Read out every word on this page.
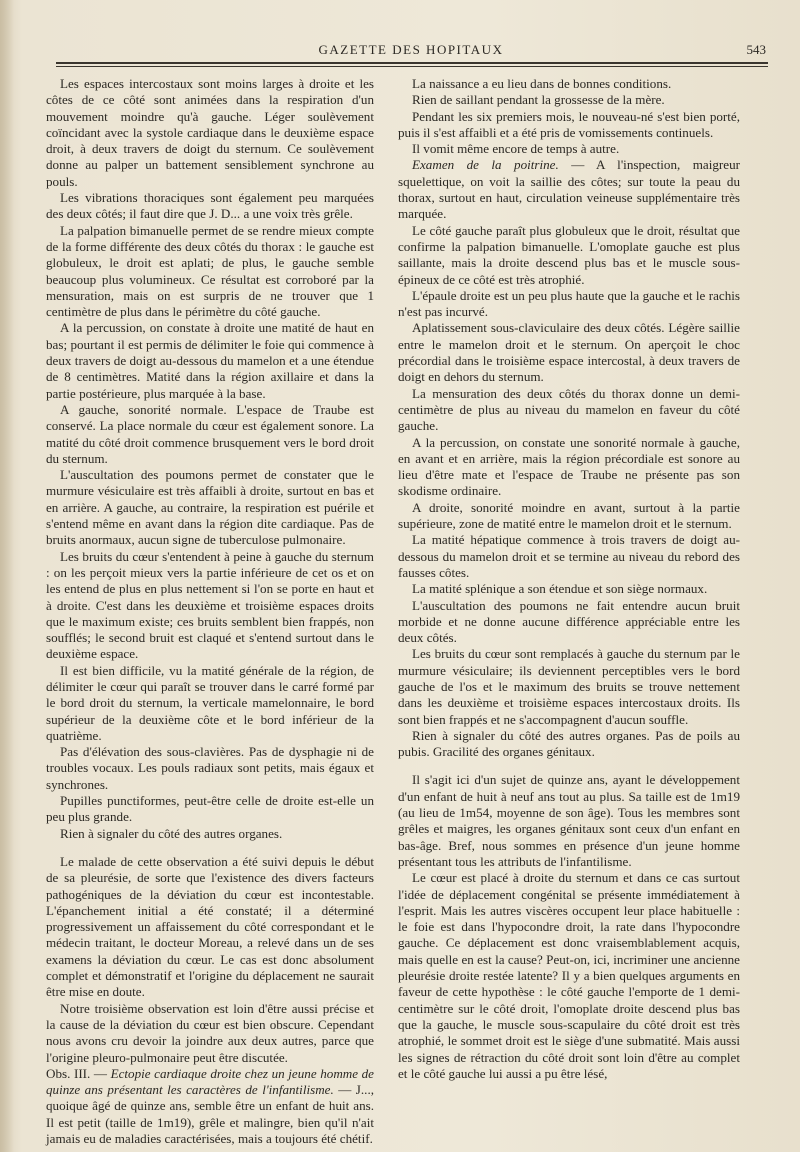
GAZETTE DES HOPITAUX	543

Les espaces intercostaux sont moins larges à droite et les côtes de ce côté sont animées dans la respiration d'un mouvement moindre qu'à gauche. Léger soulèvement coïncidant avec la systole cardiaque dans le deuxième espace droit, à deux travers de doigt du sternum. Ce soulèvement donne au palper un battement sensiblement synchrone au pouls.

Les vibrations thoraciques sont également peu marquées des deux côtés; il faut dire que J. D... a une voix très grêle.

La palpation bimanuelle permet de se rendre mieux compte de la forme différente des deux côtés du thorax : le gauche est globuleux, le droit est aplati; de plus, le gauche semble beaucoup plus volumineux. Ce résultat est corroboré par la mensuration, mais on est surpris de ne trouver que 1 centimètre de plus dans le périmètre du côté gauche.

A la percussion, on constate à droite une matité de haut en bas; pourtant il est permis de délimiter le foie qui commence à deux travers de doigt au-dessous du mamelon et a une étendue de 8 centimètres. Matité dans la région axillaire et dans la partie postérieure, plus marquée à la base.

A gauche, sonorité normale. L'espace de Traube est conservé. La place normale du cœur est également sonore. La matité du côté droit commence brusquement vers le bord droit du sternum.

L'auscultation des poumons permet de constater que le murmure vésiculaire est très affaibli à droite, surtout en bas et en arrière. A gauche, au contraire, la respiration est puérile et s'entend même en avant dans la région dite cardiaque. Pas de bruits anormaux, aucun signe de tuberculose pulmonaire.

Les bruits du cœur s'entendent à peine à gauche du sternum : on les perçoit mieux vers la partie inférieure de cet os et on les entend de plus en plus nettement si l'on se porte en haut et à droite. C'est dans les deuxième et troisième espaces droits que le maximum existe; ces bruits semblent bien frappés, non soufflés; le second bruit est claqué et s'entend surtout dans le deuxième espace.

Il est bien difficile, vu la matité générale de la région, de délimiter le cœur qui paraît se trouver dans le carré formé par le bord droit du sternum, la verticale mamelonnaire, le bord supérieur de la deuxième côte et le bord inférieur de la quatrième.

Pas d'élévation des sous-clavières. Pas de dysphagie ni de troubles vocaux. Les pouls radiaux sont petits, mais égaux et synchrones.

Pupilles punctiformes, peut-être celle de droite est-elle un peu plus grande.

Rien à signaler du côté des autres organes.

Le malade de cette observation a été suivi depuis le début de sa pleurésie, de sorte que l'existence des divers facteurs pathogéniques de la déviation du cœur est incontestable. L'épanchement initial a été constaté; il a déterminé progressivement un affaissement du côté correspondant et le médecin traitant, le docteur Moreau, a relevé dans un de ses examens la déviation du cœur. Le cas est donc absolument complet et démonstratif et l'origine du déplacement ne saurait être mise en doute.

Notre troisième observation est loin d'être aussi précise et la cause de la déviation du cœur est bien obscure. Cependant nous avons cru devoir la joindre aux deux autres, parce que l'origine pleuro-pulmonaire peut être discutée.

Obs. III. — Ectopie cardiaque droite chez un jeune homme de quinze ans présentant les caractères de l'infantilisme. — J..., quoique âgé de quinze ans, semble être un enfant de huit ans. Il est petit (taille de 1m19), grêle et malingre, bien qu'il n'ait jamais eu de maladies caractérisées, mais a toujours été chétif.

La naissance a eu lieu dans de bonnes conditions.

Rien de saillant pendant la grossesse de la mère.

Pendant les six premiers mois, le nouveau-né s'est bien porté, puis il s'est affaibli et a été pris de vomissements continuels.

Il vomit même encore de temps à autre.

Examen de la poitrine. — A l'inspection, maigreur squelettique, on voit la saillie des côtes; sur toute la peau du thorax, surtout en haut, circulation veineuse supplémentaire très marquée.

Le côté gauche paraît plus globuleux que le droit, résultat que confirme la palpation bimanuelle. L'omoplate gauche est plus saillante, mais la droite descend plus bas et le muscle sous-épineux de ce côté est très atrophié.

L'épaule droite est un peu plus haute que la gauche et le rachis n'est pas incurvé.

Aplatissement sous-claviculaire des deux côtés. Légère saillie entre le mamelon droit et le sternum. On aperçoit le choc précordial dans le troisième espace intercostal, à deux travers de doigt en dehors du sternum.

La mensuration des deux côtés du thorax donne un demi-centimètre de plus au niveau du mamelon en faveur du côté gauche.

A la percussion, on constate une sonorité normale à gauche, en avant et en arrière, mais la région précordiale est sonore au lieu d'être mate et l'espace de Traube ne présente pas son skodisme ordinaire.

A droite, sonorité moindre en avant, surtout à la partie supérieure, zone de matité entre le mamelon droit et le sternum.

La matité hépatique commence à trois travers de doigt au-dessous du mamelon droit et se termine au niveau du rebord des fausses côtes.

La matité splénique a son étendue et son siège normaux.

L'auscultation des poumons ne fait entendre aucun bruit morbide et ne donne aucune différence appréciable entre les deux côtés.

Les bruits du cœur sont remplacés à gauche du sternum par le murmure vésiculaire; ils deviennent perceptibles vers le bord gauche de l'os et le maximum des bruits se trouve nettement dans les deuxième et troisième espaces intercostaux droits. Ils sont bien frappés et ne s'accompagnent d'aucun souffle.

Rien à signaler du côté des autres organes. Pas de poils au pubis. Gracilité des organes génitaux.

Il s'agit ici d'un sujet de quinze ans, ayant le développement d'un enfant de huit à neuf ans tout au plus. Sa taille est de 1m19 (au lieu de 1m54, moyenne de son âge). Tous les membres sont grêles et maigres, les organes génitaux sont ceux d'un enfant en bas-âge. Bref, nous sommes en présence d'un jeune homme présentant tous les attributs de l'infantilisme.

Le cœur est placé à droite du sternum et dans ce cas surtout l'idée de déplacement congénital se présente immédiatement à l'esprit. Mais les autres viscères occupent leur place habituelle : le foie est dans l'hypocondre droit, la rate dans l'hypocondre gauche. Ce déplacement est donc vraisemblablement acquis, mais quelle en est la cause? Peut-on, ici, incriminer une ancienne pleurésie droite restée latente? Il y a bien quelques arguments en faveur de cette hypothèse : le côté gauche l'emporte de 1 demi-centimètre sur le côté droit, l'omoplate droite descend plus bas que la gauche, le muscle sous-scapulaire du côté droit est très atrophié, le sommet droit est le siège d'une submatité. Mais aussi les signes de rétraction du côté droit sont loin d'être au complet et le côté gauche lui aussi a pu être lésé,
